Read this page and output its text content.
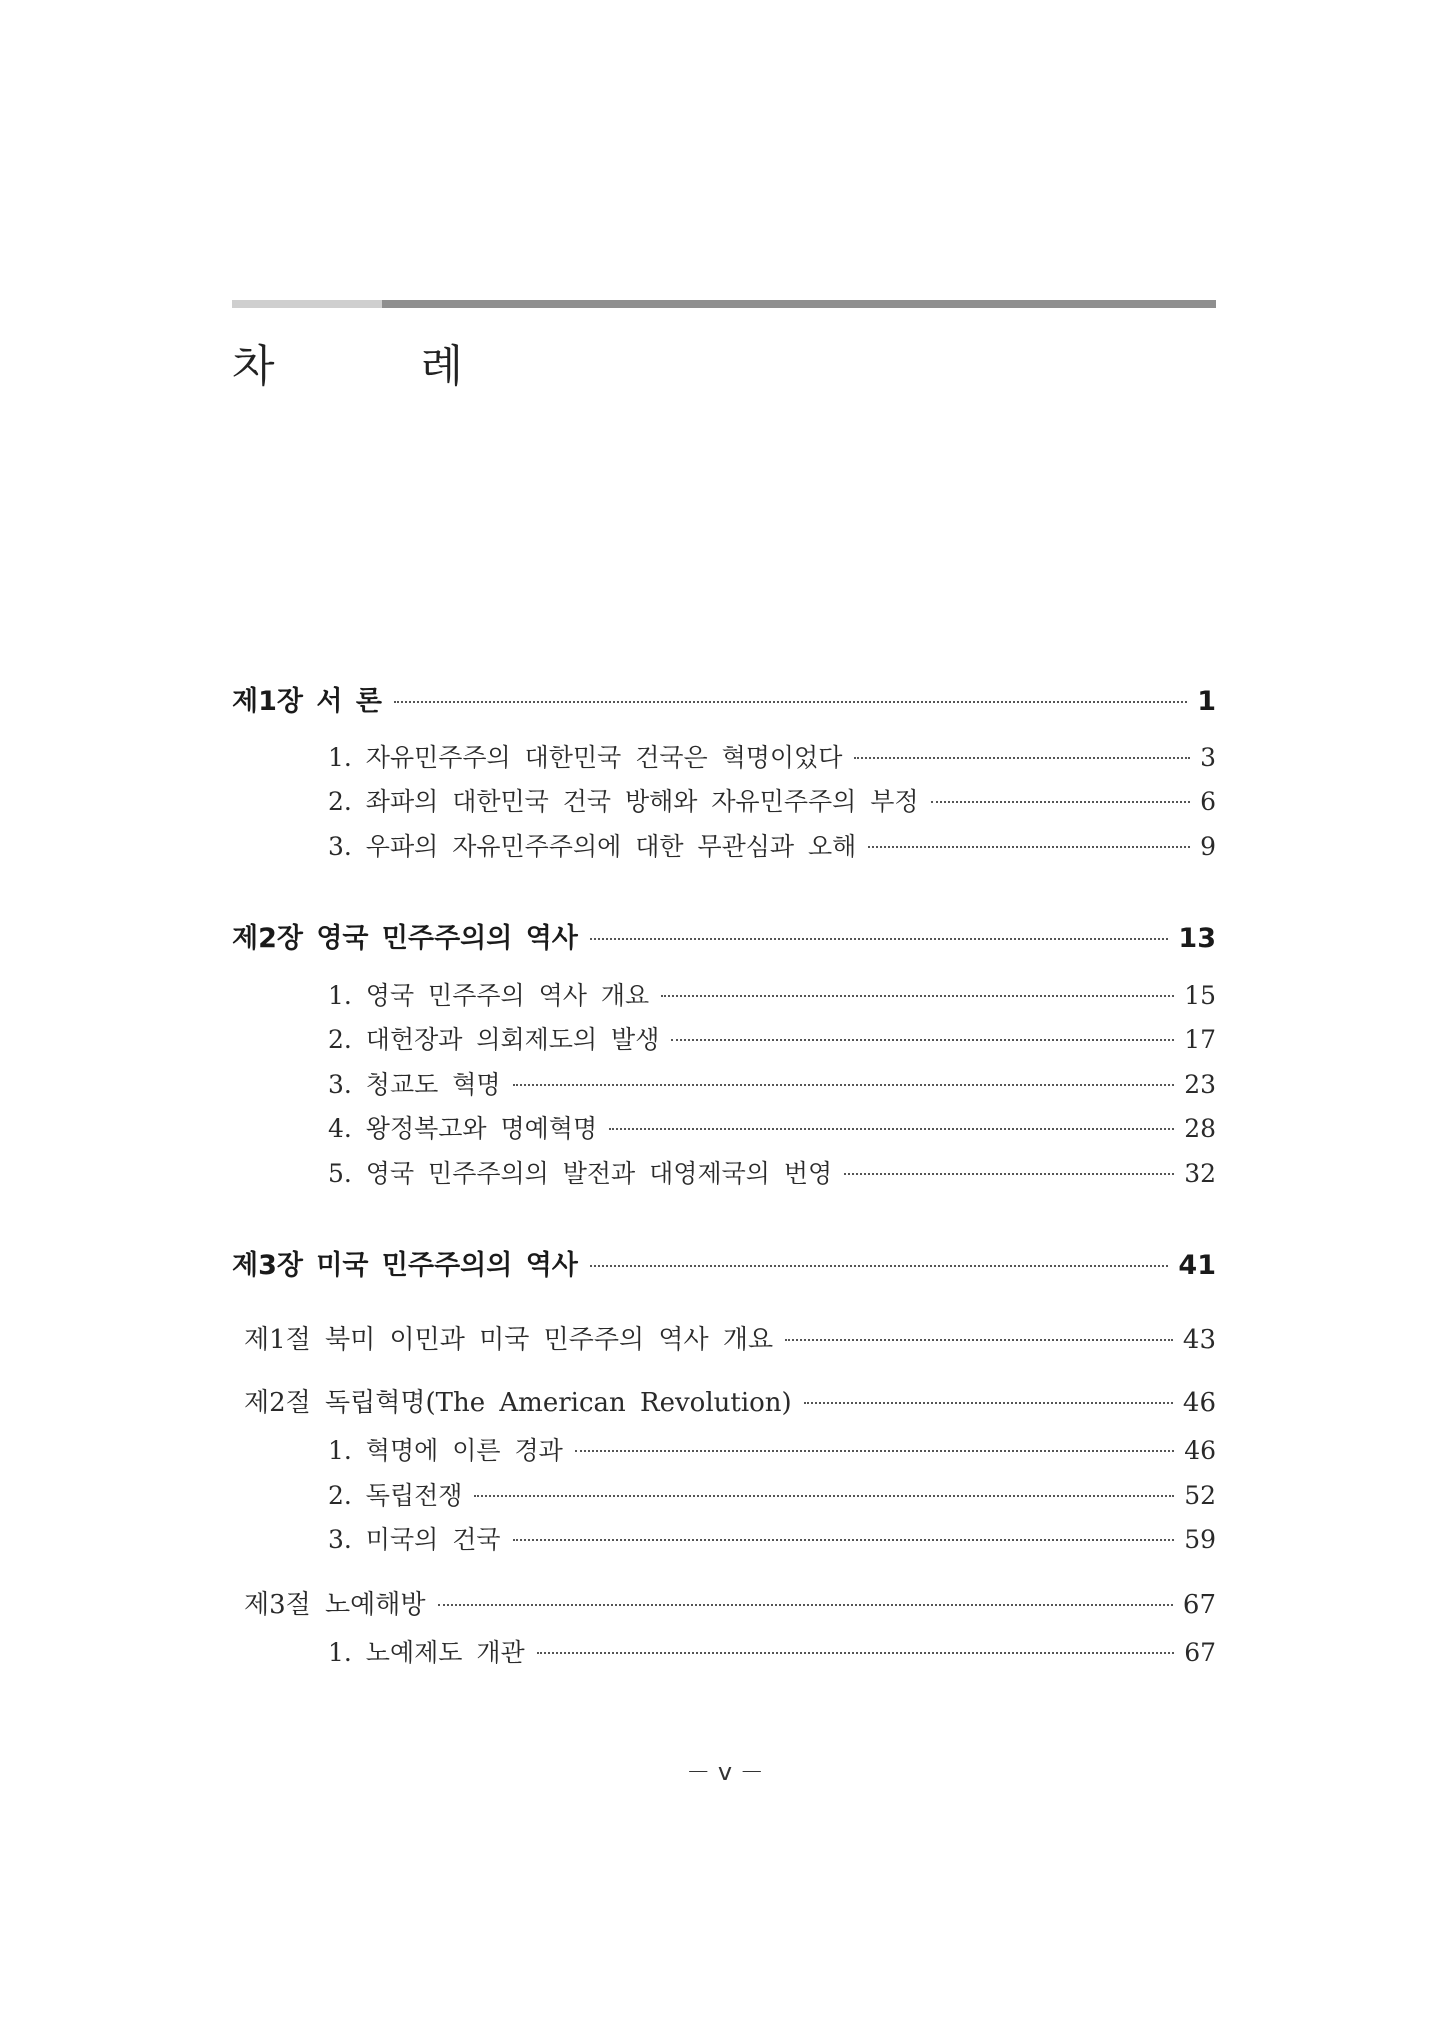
차 례
제1장 서 론	1
1. 자유민주주의 대한민국 건국은 혁명이었다	3
2. 좌파의 대한민국 건국 방해와 자유민주주의 부정	6
3. 우파의 자유민주주의에 대한 무관심과 오해	9
제2장 영국 민주주의의 역사	13
1. 영국 민주주의 역사 개요	15
2. 대헌장과 의회제도의 발생	17
3. 청교도 혁명	23
4. 왕정복고와 명예혁명	28
5. 영국 민주주의의 발전과 대영제국의 번영	32
제3장 미국 민주주의의 역사	41
제1절 북미 이민과 미국 민주주의 역사 개요	43
제2절 독립혁명(The American Revolution)	46
1. 혁명에 이른 경과	46
2. 독립전쟁	52
3. 미국의 건국	59
제3절 노예해방	67
1. 노예제도 개관	67
－ v －
